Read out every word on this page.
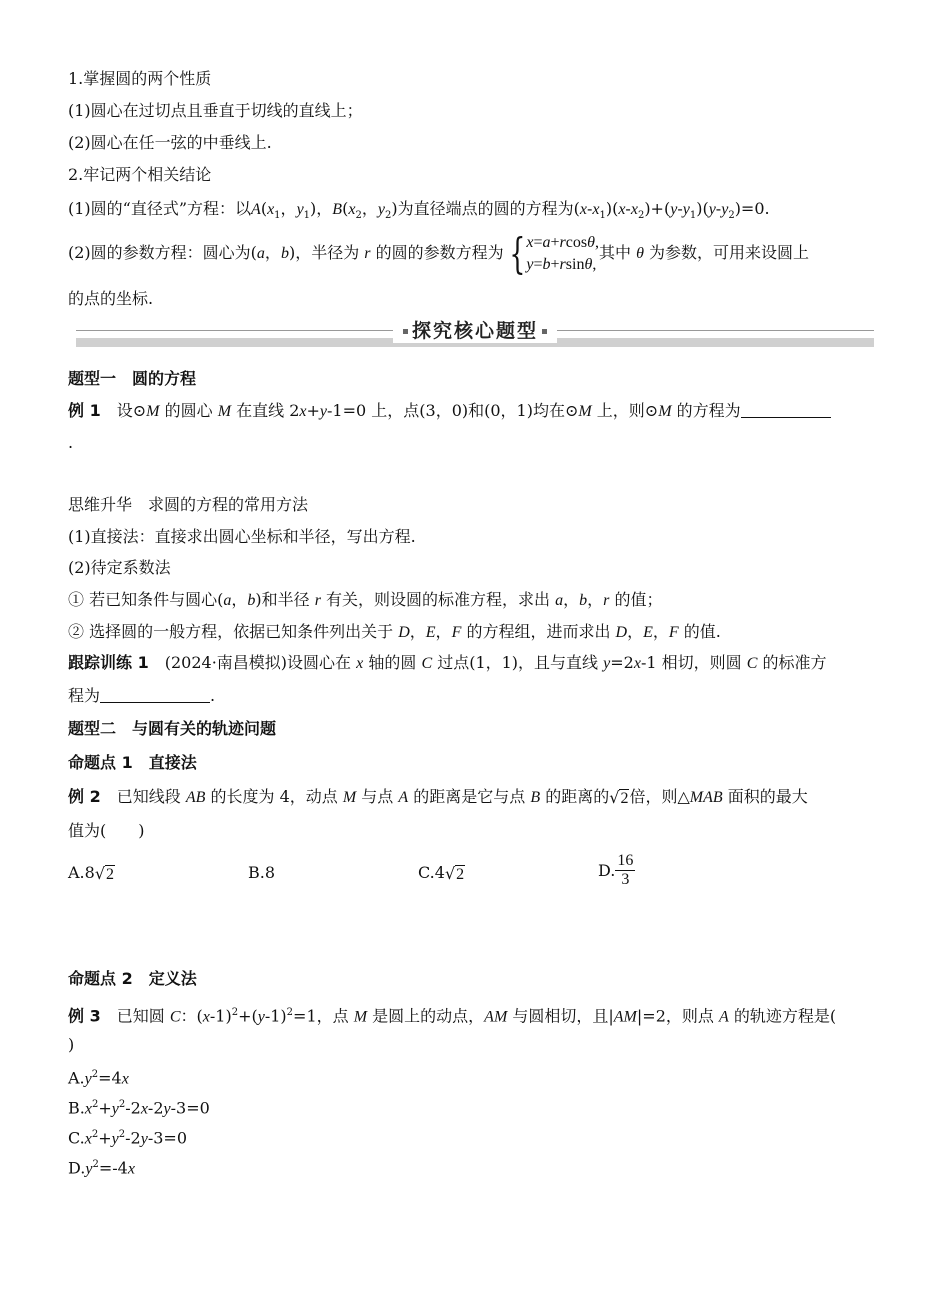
1.掌握圆的两个性质
(1)圆心在过切点且垂直于切线的直线上；
(2)圆心在任一弦的中垂线上.
2.牢记两个相关结论
(1)圆的“直径式”方程：以$A(x_1$，$y_1$)，$B(x_2$，$y_2$)为直径端点的圆的方程为$(x-x_1)(x-x_2)+(y-y_1)(y-y_2)=0$.
(2)圆的参数方程：圆心为(a，b)，半径为 r 的圆的参数方程为 { x=a+rcosθ,
y=b+rsinθ,
其中 θ 为参数，可用来设圆上
的点的坐标.
探究核心题型
题型一　圆的方程
例 1　 设⊙M 的圆心 M 在直线 2x+y-1=0 上，点(3，0)和(0，1)均在⊙M 上，则⊙M 的方程为
.
思维升华　求圆的方程的常用方法
(1)直接法：直接求出圆心坐标和半径，写出方程.
(2)待定系数法
① 若已知条件与圆心(a，b)和半径 r 有关，则设圆的标准方程，求出 a，b，r 的值；
② 选择圆的一般方程，依据已知条件列出关于 D，E，F 的方程组，进而求出 D，E，F 的值.
跟踪训练 1　 (2024·南昌模拟)设圆心在 x 轴的圆 C 过点(1，1)，且与直线 y=2x-1 相切，则圆 C 的标准方
程为	.
题型二　与圆有关的轨迹问题
命题点 1　直接法
例 2　 已知线段 AB 的长度为 4，动点 M 与点 A 的距离是它与点 B 的距离的√2倍，则△MAB 面积的最大
值为(　　)
A.8√2	B.8	C.4√2	D. $\frac{16}{3}$
命题点 2　定义法
例 3　 已知圆 C：$(x-1)^2+(y-1)^2=1$，点 M 是圆上的动点，AM 与圆相切，且|AM|=2，则点 A 的轨迹方程是(
)
$A.y^2=4x$
$B.x^2+y^2-2x-2y-3=0$
$C.x^2+y^2-2y-3=0$
$D.y^2=-4x$
